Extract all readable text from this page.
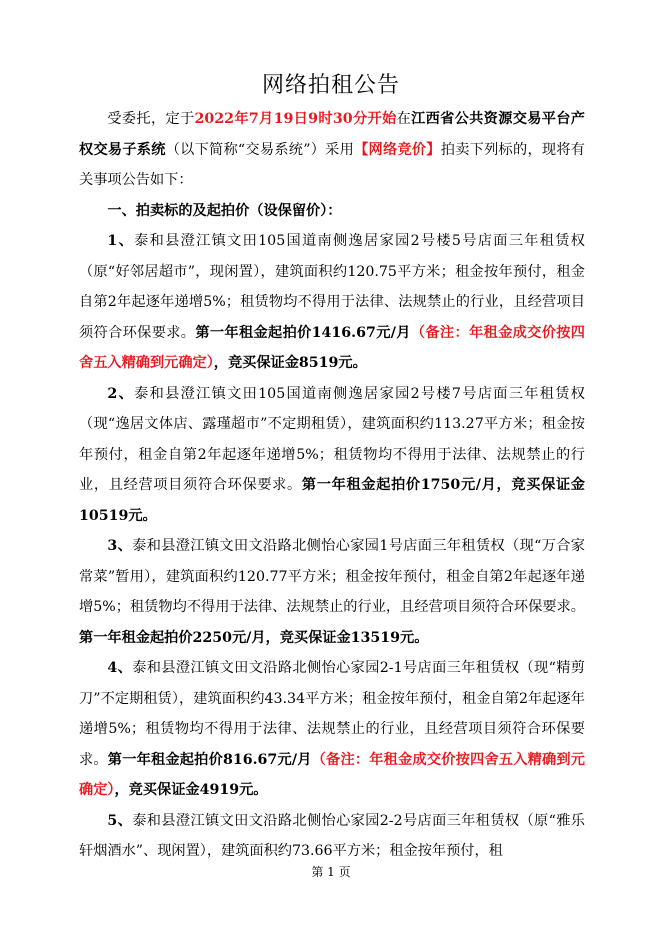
网络拍租公告

受委托，定于2022年7月19日9时30分开始在江西省公共资源交易平台产权交易子系统（以下简称“交易系统”）采用【网络竞价】拍卖下列标的，现将有关事项公告如下：

一、拍卖标的及起拍价（设保留价）：

1、泰和县澄江镇文田105国道南侧逸居家园2号楼5号店面三年租赁权（原“好邻居超市”，现闲置），建筑面积约120.75平方米；租金按年预付，租金自第2年起逐年递增5%；租赁物均不得用于法律、法规禁止的行业，且经营项目须符合环保要求。第一年租金起拍价1416.67元/月（备注：年租金成交价按四舍五入精确到元确定），竞买保证金8519元。

2、泰和县澄江镇文田105国道南侧逸居家园2号楼7号店面三年租赁权（现“逸居文体店、露瑾超市”不定期租赁），建筑面积约113.27平方米；租金按年预付，租金自第2年起逐年递增5%；租赁物均不得用于法律、法规禁止的行业，且经营项目须符合环保要求。第一年租金起拍价1750元/月，竞买保证金10519元。

3、泰和县澄江镇文田文沿路北侧怡心家园1号店面三年租赁权（现“万合家常菜”暂用），建筑面积约120.77平方米；租金按年预付，租金自第2年起逐年递增5%；租赁物均不得用于法律、法规禁止的行业，且经营项目须符合环保要求。第一年租金起拍价2250元/月，竞买保证金13519元。

4、泰和县澄江镇文田文沿路北侧怡心家园2-1号店面三年租赁权（现“精剪刀”不定期租赁），建筑面积约43.34平方米；租金按年预付，租金自第2年起逐年递增5%；租赁物均不得用于法律、法规禁止的行业，且经营项目须符合环保要求。第一年租金起拍价816.67元/月（备注：年租金成交价按四舍五入精确到元确定），竞买保证金4919元。

5、泰和县澄江镇文田文沿路北侧怡心家园2-2号店面三年租赁权（原“雅乐轩烟酒水”、现闲置），建筑面积约73.66平方米；租金按年预付，租

第 1 页
